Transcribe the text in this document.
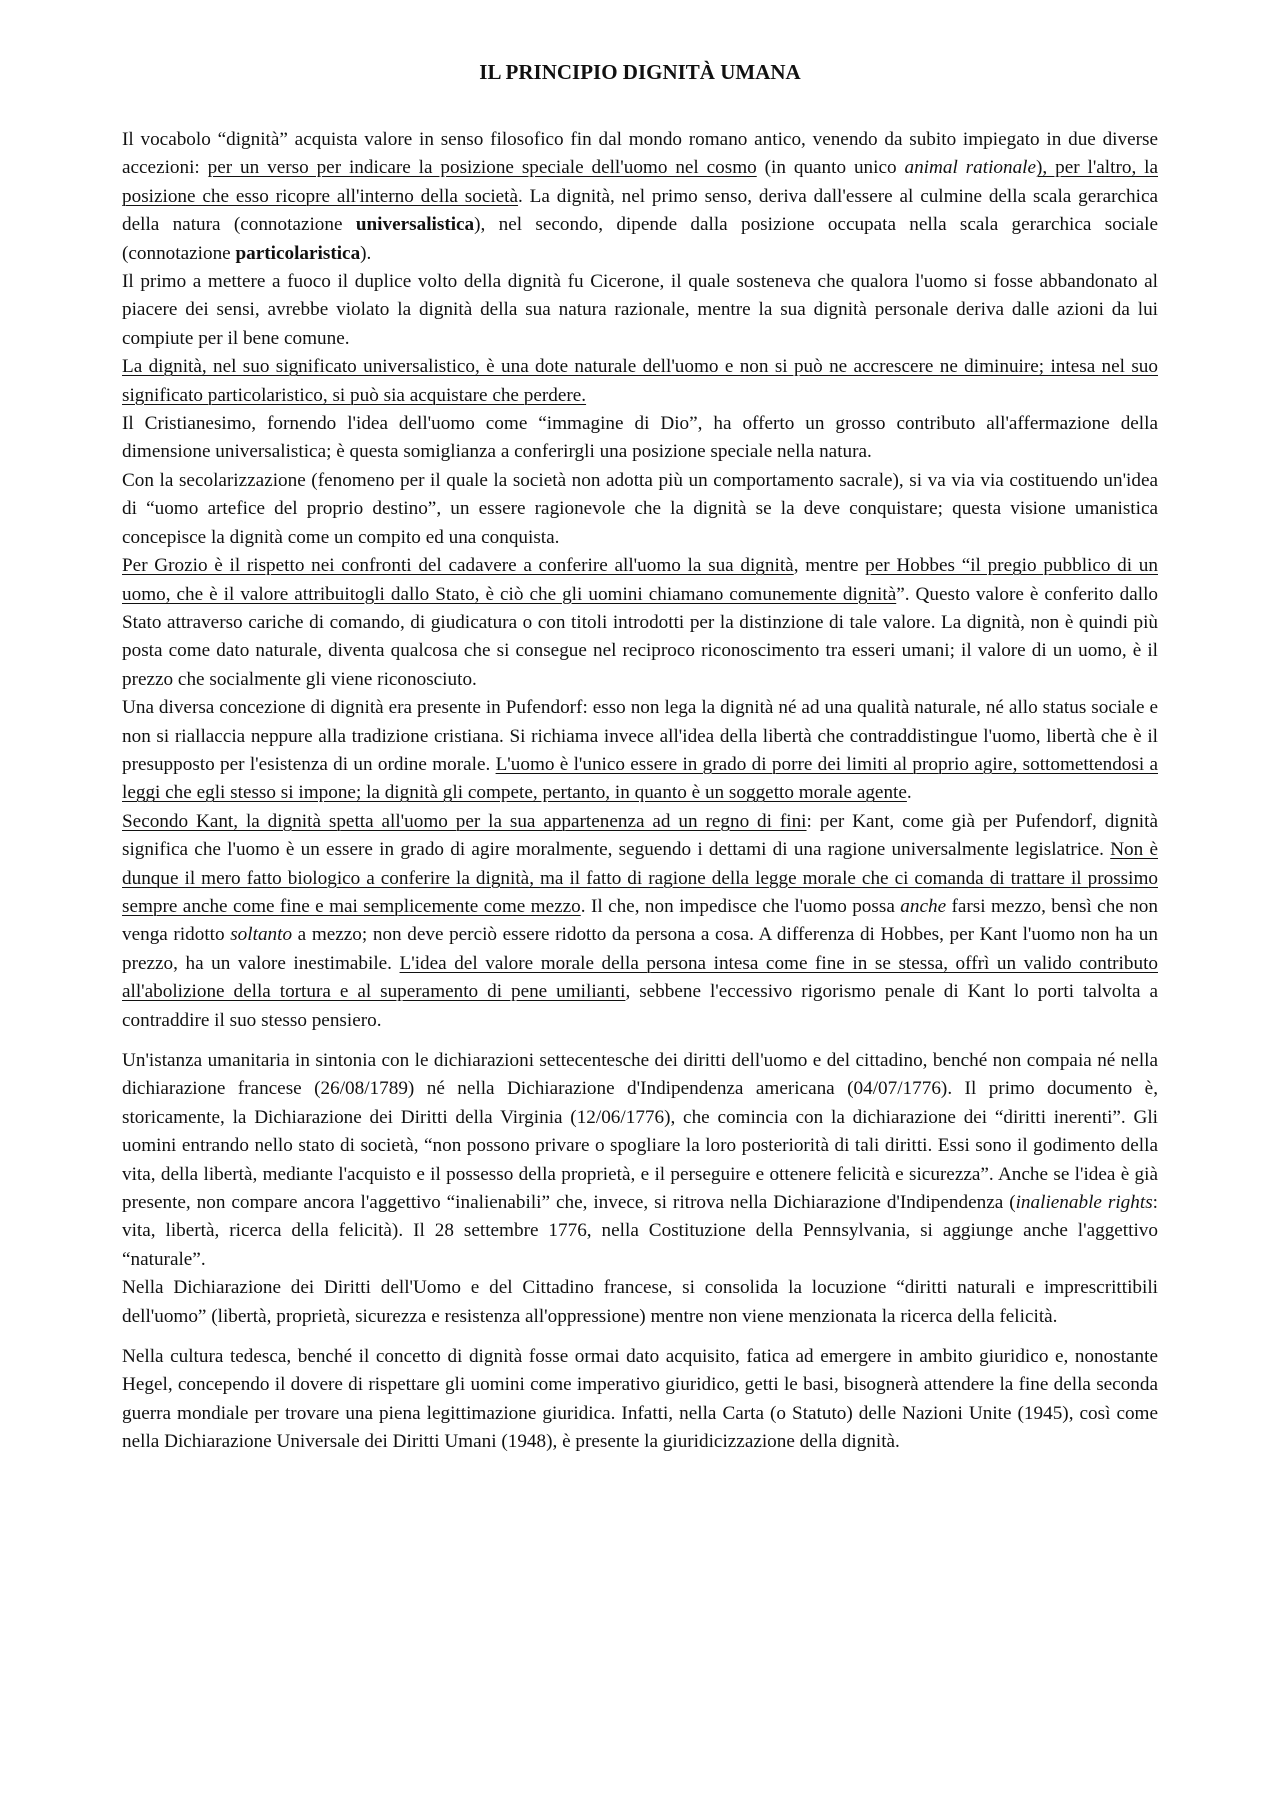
IL PRINCIPIO DIGNITÀ UMANA

Il vocabolo “dignità” acquista valore in senso filosofico fin dal mondo romano antico, venendo da subito impiegato in due diverse accezioni: per un verso per indicare la posizione speciale dell'uomo nel cosmo (in quanto unico animal rationale), per l'altro, la posizione che esso ricopre all'interno della società. La dignità, nel primo senso, deriva dall'essere al culmine della scala gerarchica della natura (connotazione universalistica), nel secondo, dipende dalla posizione occupata nella scala gerarchica sociale (connotazione particolaristica).

Il primo a mettere a fuoco il duplice volto della dignità fu Cicerone, il quale sosteneva che qualora l'uomo si fosse abbandonato al piacere dei sensi, avrebbe violato la dignità della sua natura razionale, mentre la sua dignità personale deriva dalle azioni da lui compiute per il bene comune.

La dignità, nel suo significato universalistico, è una dote naturale dell'uomo e non si può ne accrescere ne diminuire; intesa nel suo significato particolaristico, si può sia acquistare che perdere.

Il Cristianesimo, fornendo l'idea dell'uomo come “immagine di Dio”, ha offerto un grosso contributo all'affermazione della dimensione universalistica; è questa somiglianza a conferirgli una posizione speciale nella natura.

Con la secolarizzazione (fenomeno per il quale la società non adotta più un comportamento sacrale), si va via via costituendo un'idea di “uomo artefice del proprio destino”, un essere ragionevole che la dignità se la deve conquistare; questa visione umanistica concepisce la dignità come un compito ed una conquista.

Per Grozio è il rispetto nei confronti del cadavere a conferire all'uomo la sua dignità, mentre per Hobbes “il pregio pubblico di un uomo, che è il valore attribuitogli dallo Stato, è ciò che gli uomini chiamano comunemente dignità”. Questo valore è conferito dallo Stato attraverso cariche di comando, di giudicatura o con titoli introdotti per la distinzione di tale valore. La dignità, non è quindi più posta come dato naturale, diventa qualcosa che si consegue nel reciproco riconoscimento tra esseri umani; il valore di un uomo, è il prezzo che socialmente gli viene riconosciuto.

Una diversa concezione di dignità era presente in Pufendorf: esso non lega la dignità né ad una qualità naturale, né allo status sociale e non si riallaccia neppure alla tradizione cristiana. Si richiama invece all'idea della libertà che contraddistingue l'uomo, libertà che è il presupposto per l'esistenza di un ordine morale. L'uomo è l'unico essere in grado di porre dei limiti al proprio agire, sottomettendosi a leggi che egli stesso si impone; la dignità gli compete, pertanto, in quanto è un soggetto morale agente.

Secondo Kant, la dignità spetta all'uomo per la sua appartenenza ad un regno di fini: per Kant, come già per Pufendorf, dignità significa che l'uomo è un essere in grado di agire moralmente, seguendo i dettami di una ragione universalmente legislatrice. Non è dunque il mero fatto biologico a conferire la dignità, ma il fatto di ragione della legge morale che ci comanda di trattare il prossimo sempre anche come fine e mai semplicemente come mezzo. Il che, non impedisce che l'uomo possa anche farsi mezzo, bensì che non venga ridotto soltanto a mezzo; non deve perciò essere ridotto da persona a cosa. A differenza di Hobbes, per Kant l'uomo non ha un prezzo, ha un valore inestimabile. L'idea del valore morale della persona intesa come fine in se stessa, offrì un valido contributo all'abolizione della tortura e al superamento di pene umilianti, sebbene l'eccessivo rigorismo penale di Kant lo porti talvolta a contraddire il suo stesso pensiero.

Un'istanza umanitaria in sintonia con le dichiarazioni settecentesche dei diritti dell'uomo e del cittadino, benché non compaia né nella dichiarazione francese (26/08/1789) né nella Dichiarazione d'Indipendenza americana (04/07/1776). Il primo documento è, storicamente, la Dichiarazione dei Diritti della Virginia (12/06/1776), che comincia con la dichiarazione dei “diritti inerenti”. Gli uomini entrando nello stato di società, “non possono privare o spogliare la loro posteriorità di tali diritti. Essi sono il godimento della vita, della libertà, mediante l'acquisto e il possesso della proprietà, e il perseguire e ottenere felicità e sicurezza”. Anche se l'idea è già presente, non compare ancora l'aggettivo “inalienabili” che, invece, si ritrova nella Dichiarazione d'Indipendenza (inalienable rights: vita, libertà, ricerca della felicità). Il 28 settembre 1776, nella Costituzione della Pennsylvania, si aggiunge anche l'aggettivo “naturale”.

Nella Dichiarazione dei Diritti dell'Uomo e del Cittadino francese, si consolida la locuzione “diritti naturali e imprescrittibili dell'uomo” (libertà, proprietà, sicurezza e resistenza all'oppressione) mentre non viene menzionata la ricerca della felicità.

Nella cultura tedesca, benché il concetto di dignità fosse ormai dato acquisito, fatica ad emergere in ambito giuridico e, nonostante Hegel, concependo il dovere di rispettare gli uomini come imperativo giuridico, getti le basi, bisognerà attendere la fine della seconda guerra mondiale per trovare una piena legittimazione giuridica. Infatti, nella Carta (o Statuto) delle Nazioni Unite (1945), così come nella Dichiarazione Universale dei Diritti Umani (1948), è presente la giuridicizzazione della dignità.
